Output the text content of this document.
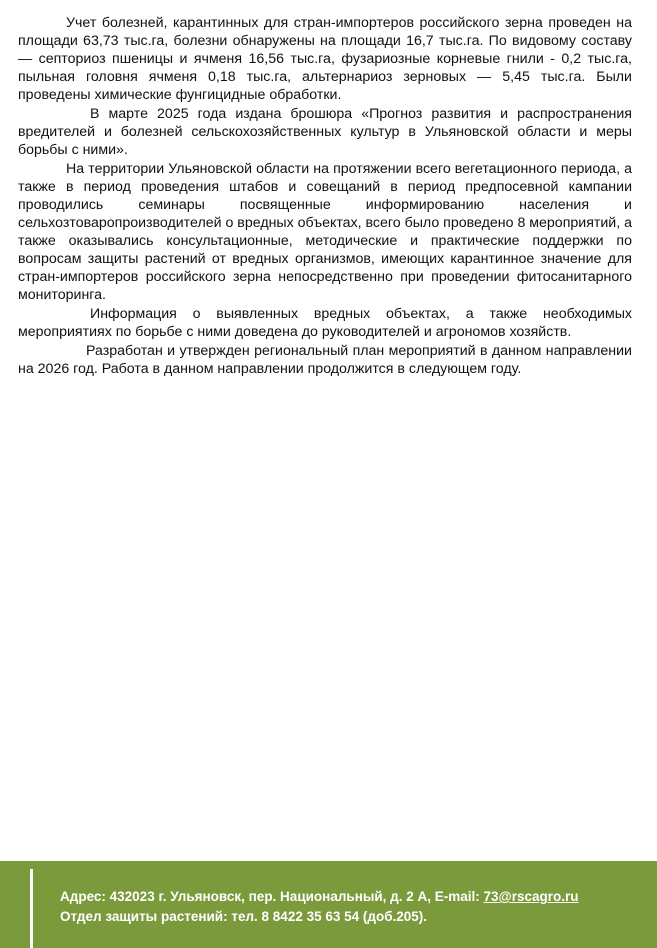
Учет болезней, карантинных для стран-импортеров российского зерна проведен на площади 63,73 тыс.га, болезни обнаружены на площади 16,7 тыс.га. По видовому составу — септориоз пшеницы и ячменя 16,56 тыс.га, фузариозные корневые гнили - 0,2 тыс.га, пыльная головня ячменя 0,18 тыс.га, альтернариоз зерновых — 5,45 тыс.га. Были проведены химические фунгицидные обработки.

В марте 2025 года издана брошюра «Прогноз развития и распространения вредителей и болезней сельскохозяйственных культур в Ульяновской области и меры борьбы с ними».

На территории Ульяновской области на протяжении всего вегетационного периода, а также в период проведения штабов и совещаний в период предпосевной кампании проводились семинары посвященные информированию населения и сельхозтоваропроизводителей о вредных объектах, всего было проведено 8 мероприятий, а также оказывались консультационные, методические и практические поддержки по вопросам защиты растений от вредных организмов, имеющих карантинное значение для стран-импортеров российского зерна непосредственно при проведении фитосанитарного мониторинга.

Информация о выявленных вредных объектах, а также необходимых мероприятиях по борьбе с ними доведена до руководителей и агрономов хозяйств.

Разработан и утвержден региональный план мероприятий в данном направлении на 2026 год. Работа в данном направлении продолжится в следующем году.

Адрес: 432023 г. Ульяновск, пер. Национальный, д. 2 А, E-mail: 73@rscagro.ru
Отдел защиты растений: тел. 8 8422 35 63 54 (доб.205).
